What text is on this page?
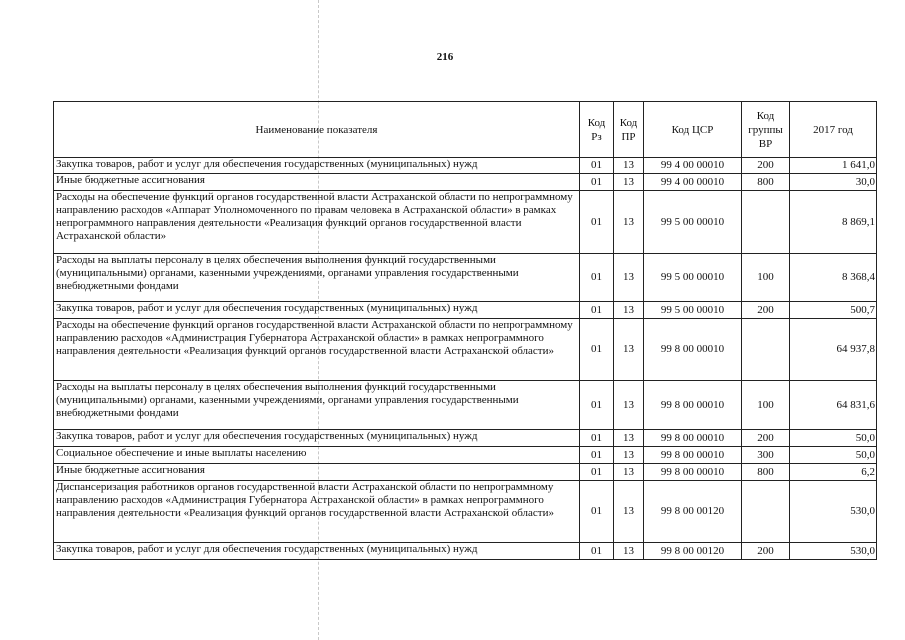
216
Наименование показателя	Код Рз	Код ПР	Код ЦСР	Код группы ВР	2017 год
Закупка товаров, работ и услуг для обеспечения государственных (муниципальных) нужд	01	13	99 4 00 00010	200	1 641,0
Иные бюджетные ассигнования	01	13	99 4 00 00010	800	30,0
Расходы на обеспечение функций органов государственной власти Астраханской области по непрограммному направлению расходов «Аппарат Уполномоченного по правам человека в Астраханской области» в рамках непрограммного направления деятельности «Реализация функций органов государственной власти Астраханской области»	01	13	99 5 00 00010		8 869,1
Расходы на выплаты персоналу в целях обеспечения выполнения функций государственными (муниципальными) органами, казенными учреждениями, органами управления государственными внебюджетными фондами	01	13	99 5 00 00010	100	8 368,4
Закупка товаров, работ и услуг для обеспечения государственных (муниципальных) нужд	01	13	99 5 00 00010	200	500,7
Расходы на обеспечение функций органов государственной власти Астраханской области по непрограммному направлению расходов «Администрация Губернатора Астраханской области» в рамках непрограммного направления деятельности «Реализация функций органов государственной власти Астраханской области»	01	13	99 8 00 00010		64 937,8
Расходы на выплаты персоналу в целях обеспечения выполнения функций государственными (муниципальными) органами, казенными учреждениями, органами управления государственными внебюджетными фондами	01	13	99 8 00 00010	100	64 831,6
Закупка товаров, работ и услуг для обеспечения государственных (муниципальных) нужд	01	13	99 8 00 00010	200	50,0
Социальное обеспечение и иные выплаты населению	01	13	99 8 00 00010	300	50,0
Иные бюджетные ассигнования	01	13	99 8 00 00010	800	6,2
Диспансеризация работников органов государственной власти Астраханской области по непрограммному направлению расходов «Администрация Губернатора Астраханской области» в рамках непрограммного направления деятельности «Реализация функций органов государственной власти Астраханской области»	01	13	99 8 00 00120		530,0
Закупка товаров, работ и услуг для обеспечения государственных (муниципальных) нужд	01	13	99 8 00 00120	200	530,0
